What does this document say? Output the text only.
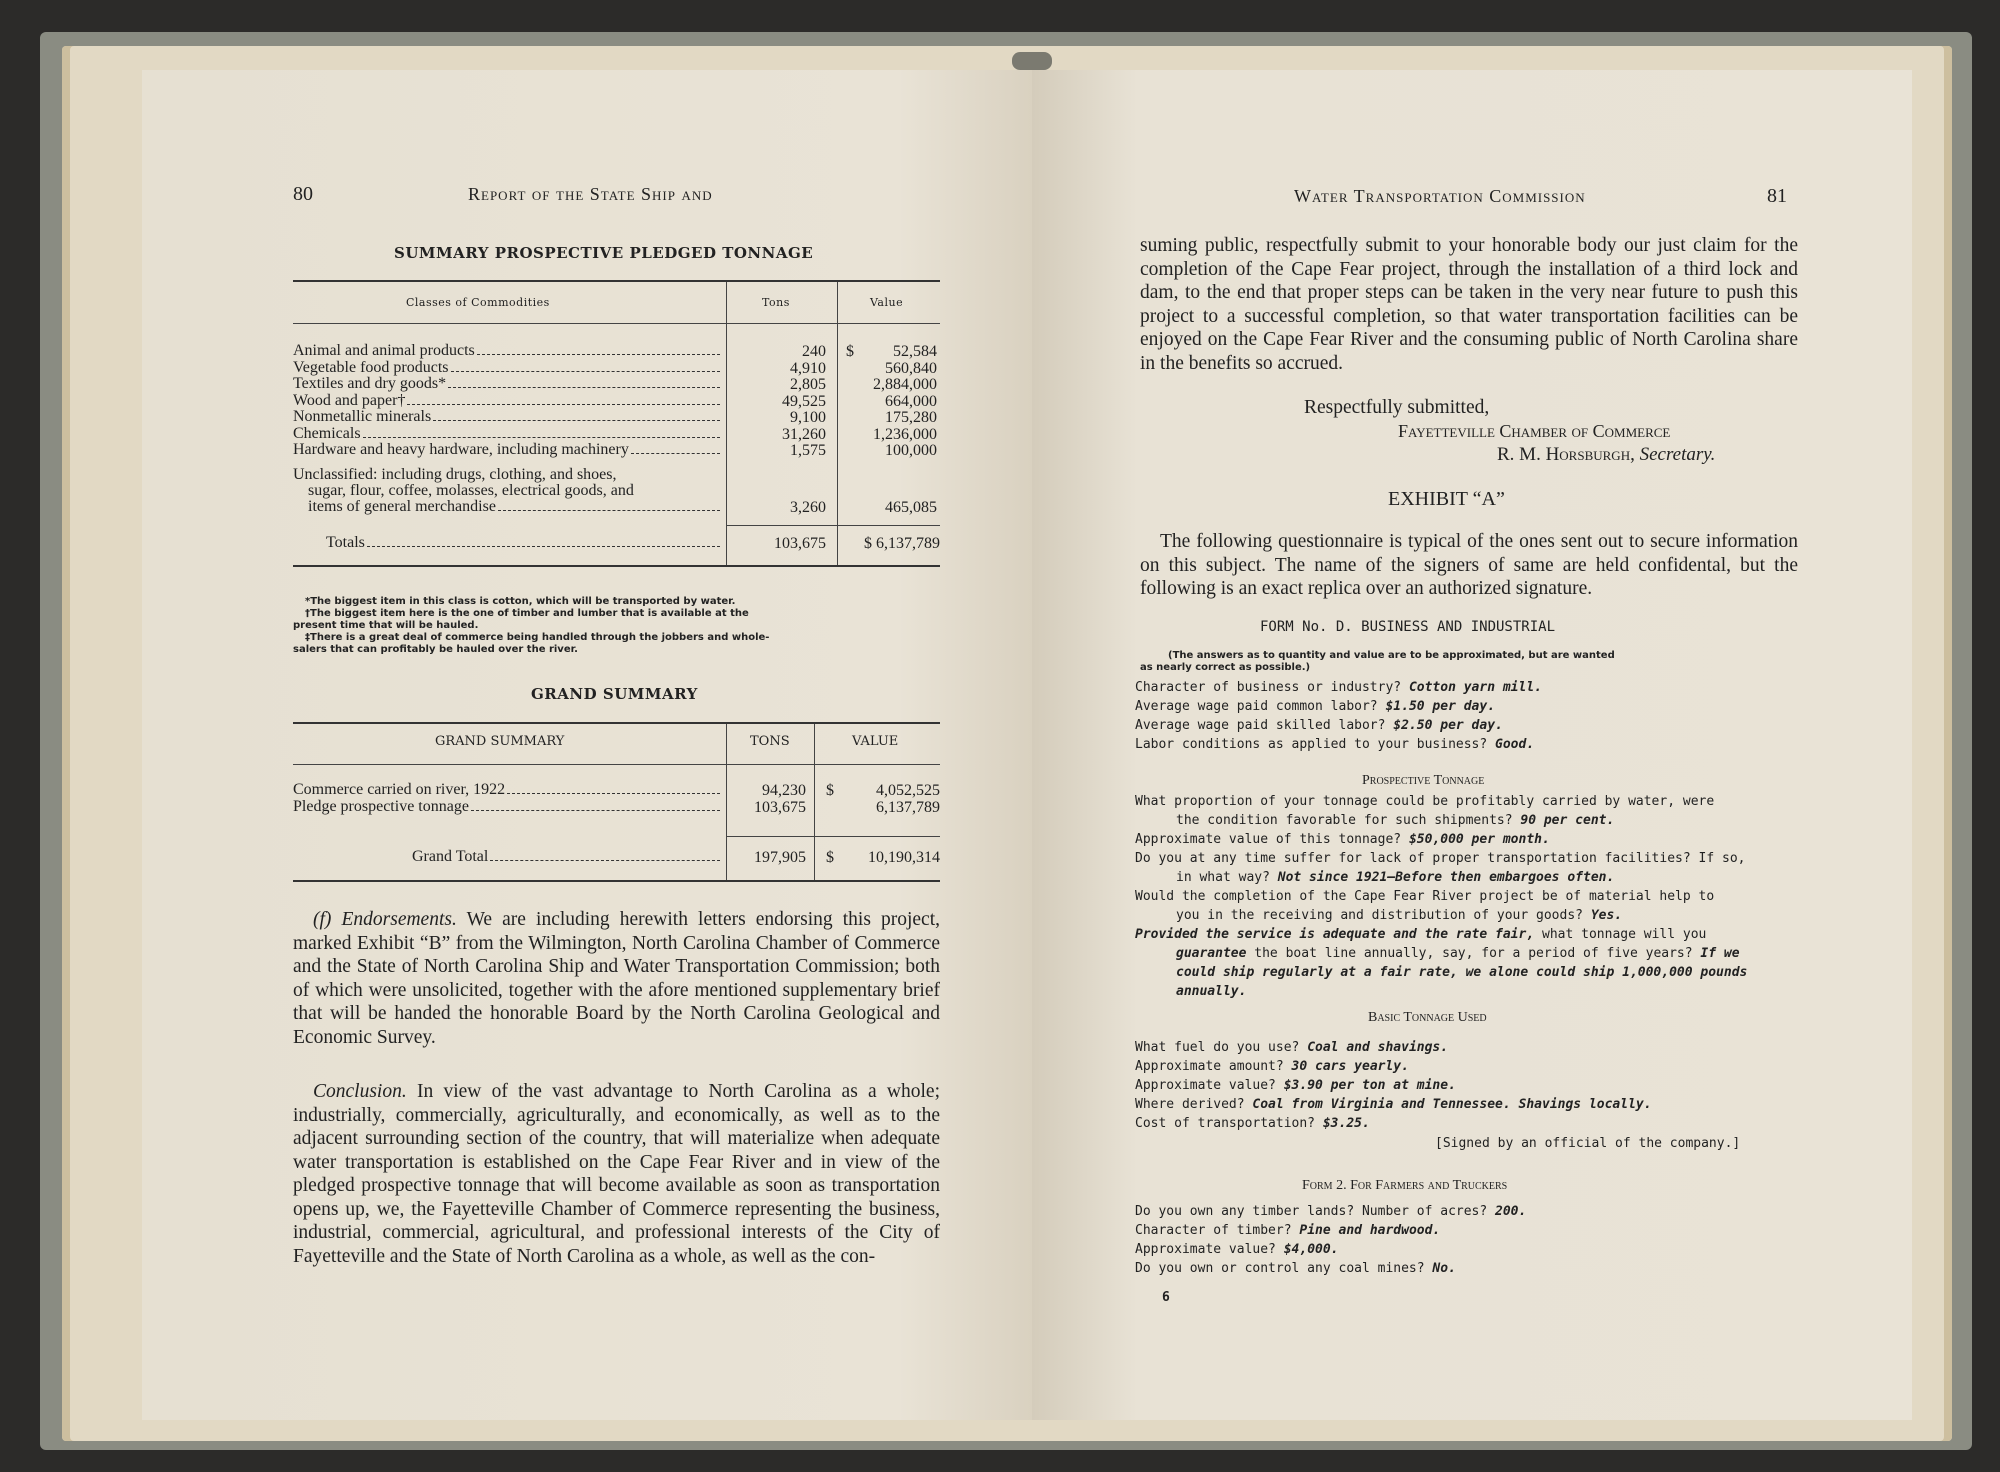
80	Report of the State Ship and
SUMMARY PROSPECTIVE PLEDGED TONNAGE
Classes of Commodities	Tons	Value
Animal and animal products	240 $	52,584
Vegetable food products	4,910	560,840
Textiles and dry goods*	2,805	2,884,000
Wood and paper†	49,525	664,000
Nonmetallic minerals	9,100	175,280
Chemicals	31,260	1,236,000
Hardware and heavy hardware, including machinery	1,575	100,000
Unclassified: including drugs, clothing, and shoes,
sugar, flour, coffee, molasses, electrical goods, and
items of general merchandise	3,260	465,085
Totals	103,675	$ 6,137,789
*The biggest item in this class is cotton, which will be transported by water.
†The biggest item here is the one of timber and lumber that is available at the
present time that will be hauled.
‡There is a great deal of commerce being handled through the jobbers and whole-
salers that can profitably be hauled over the river.
GRAND SUMMARY
GRAND SUMMARY	TONS	VALUE
Commerce carried on river, 1922	94,230 $	4,052,525
Pledge prospective tonnage	103,675	6,137,789
Grand Total	197,905 $	10,190,314

(f) Endorsements. We are including herewith letters endorsing this project, marked Exhibit “B” from the Wilmington, North Carolina Chamber of Commerce and the State of North Carolina Ship and Water Transportation Commission; both of which were unsolicited, together with the afore mentioned supplementary brief that will be handed the honorable Board by the North Carolina Geological and Economic Survey.

Conclusion. In view of the vast advantage to North Carolina as a whole; industrially, commercially, agriculturally, and economically, as well as to the adjacent surrounding section of the country, that will materialize when adequate water transportation is established on the Cape Fear River and in view of the pledged prospective tonnage that will become available as soon as transportation opens up, we, the Fayetteville Chamber of Commerce representing the business, industrial, commercial, agricultural, and professional interests of the City of Fayetteville and the State of North Carolina as a whole, as well as the con-

Water Transportation Commission	81

suming public, respectfully submit to your honorable body our just claim for the completion of the Cape Fear project, through the installation of a third lock and dam, to the end that proper steps can be taken in the very near future to push this project to a successful completion, so that water transportation facilities can be enjoyed on the Cape Fear River and the consuming public of North Carolina share in the benefits so accrued.

Respectfully submitted,
Fayetteville Chamber of Commerce
R. M. Horsburgh, Secretary.
EXHIBIT “A”

The following questionnaire is typical of the ones sent out to secure information on this subject. The name of the signers of same are held confidental, but the following is an exact replica over an authorized signature.

FORM No. D. BUSINESS AND INDUSTRIAL
(The answers as to quantity and value are to be approximated, but are wanted
as nearly correct as possible.)
Character of business or industry? Cotton yarn mill.
Average wage paid common labor? $1.50 per day.
Average wage paid skilled labor? $2.50 per day.
Labor conditions as applied to your business? Good.
Prospective Tonnage
What proportion of your tonnage could be profitably carried by water, were
the condition favorable for such shipments? 90 per cent.
Approximate value of this tonnage? $50,000 per month.
Do you at any time suffer for lack of proper transportation facilities? If so,
in what way? Not since 1921—Before then embargoes often.
Would the completion of the Cape Fear River project be of material help to
you in the receiving and distribution of your goods? Yes.
Provided the service is adequate and the rate fair, what tonnage will you
guarantee the boat line annually, say, for a period of five years? If we
could ship regularly at a fair rate, we alone could ship 1,000,000 pounds
annually.
Basic Tonnage Used
What fuel do you use? Coal and shavings.
Approximate amount? 30 cars yearly.
Approximate value? $3.90 per ton at mine.
Where derived? Coal from Virginia and Tennessee. Shavings locally.
Cost of transportation? $3.25.
[Signed by an official of the company.]
Form 2. For Farmers and Truckers
Do you own any timber lands? Number of acres? 200.
Character of timber? Pine and hardwood.
Approximate value? $4,000.
Do you own or control any coal mines? No.
6
